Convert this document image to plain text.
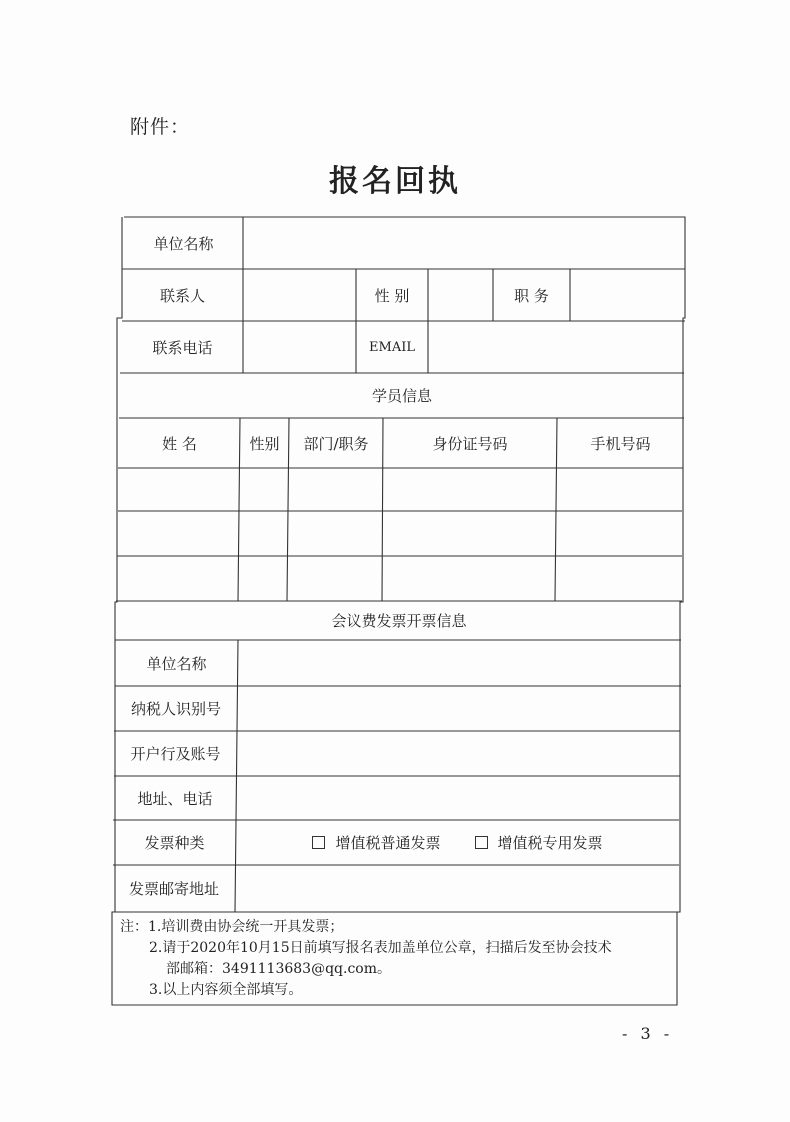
附件：
报名回执
单位名称
联系人	性 别	职 务
联系电话	EMAIL
学员信息
姓 名	性别	部门/职务	身份证号码	手机号码
会议费发票开票信息
单位名称
纳税人识别号
开户行及账号
地址、电话
发票种类	增值税普通发票	增值税专用发票
发票邮寄地址
注：1.培训费由协会统一开具发票；
2.请于2020年10月15日前填写报名表加盖单位公章，扫描后发至协会技术
部邮箱：3491113683@qq.com。
3.以上内容须全部填写。
- 3 -
